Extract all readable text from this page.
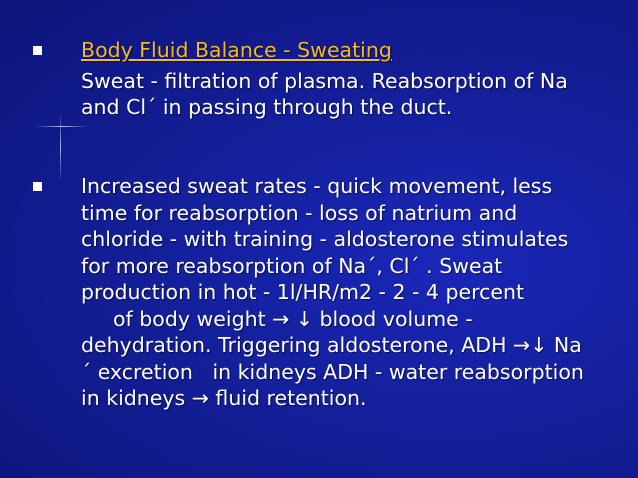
Body Fluid Balance - Sweating
Sweat - filtration of plasma. Reabsorption of Na
and Cl´ in passing through the duct.
Increased sweat rates - quick movement, less
time for reabsorption - loss of natrium and
chloride - with training - aldosterone stimulates
for more reabsorption of Na´, Cl´ . Sweat
production in hot - 1l/HR/m2 - 2 - 4 percent
of body weight → ↓ blood volume -
dehydration. Triggering aldosterone, ADH →↓ Na
´ excretion   in kidneys ADH - water reabsorption
in kidneys → fluid retention.
